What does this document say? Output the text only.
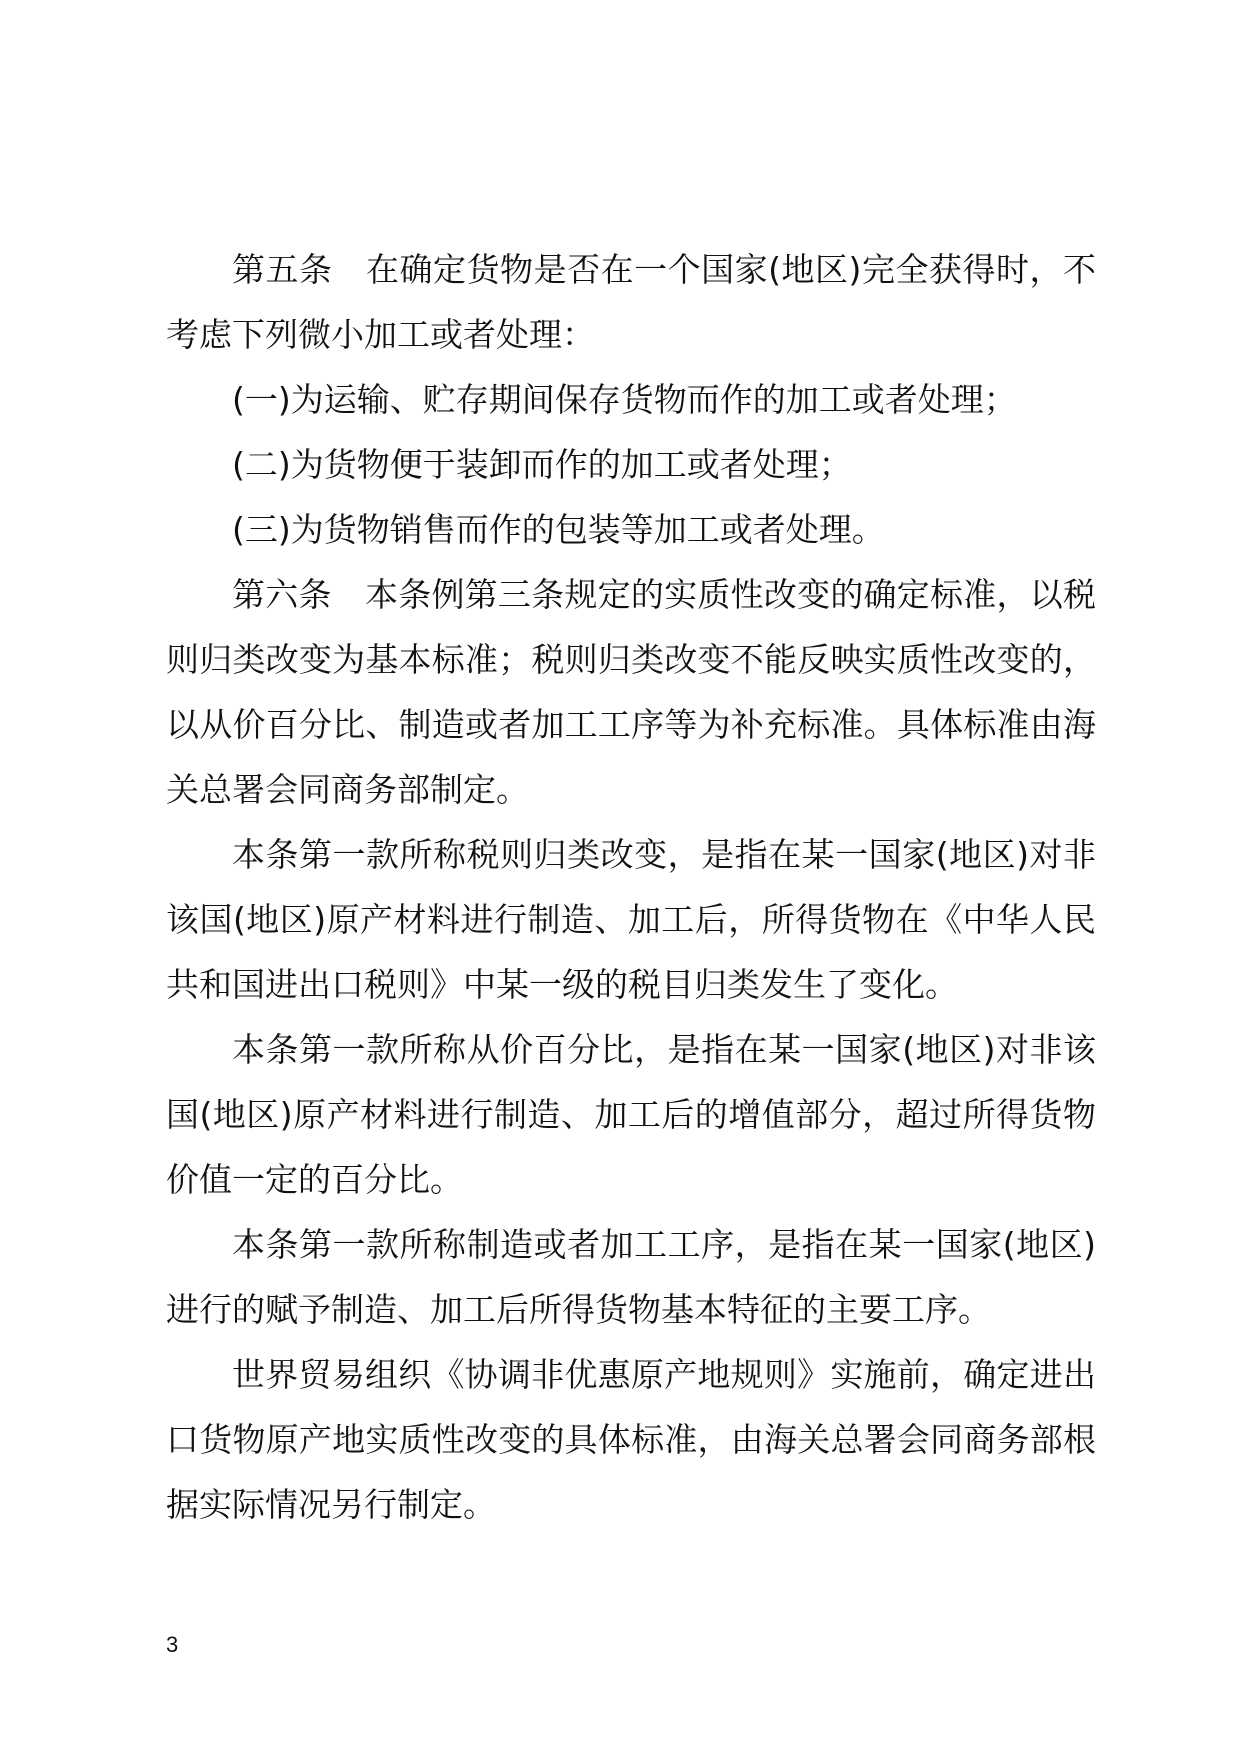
第五条　在确定货物是否在一个国家(地区)完全获得时，不考虑下列微小加工或者处理：

(一)为运输、贮存期间保存货物而作的加工或者处理；

(二)为货物便于装卸而作的加工或者处理；

(三)为货物销售而作的包装等加工或者处理。

第六条　本条例第三条规定的实质性改变的确定标准，以税则归类改变为基本标准；税则归类改变不能反映实质性改变的，以从价百分比、制造或者加工工序等为补充标准。具体标准由海关总署会同商务部制定。

本条第一款所称税则归类改变，是指在某一国家(地区)对非该国(地区)原产材料进行制造、加工后，所得货物在《中华人民共和国进出口税则》中某一级的税目归类发生了变化。

本条第一款所称从价百分比，是指在某一国家(地区)对非该国(地区)原产材料进行制造、加工后的增值部分，超过所得货物价值一定的百分比。

本条第一款所称制造或者加工工序，是指在某一国家(地区)进行的赋予制造、加工后所得货物基本特征的主要工序。

世界贸易组织《协调非优惠原产地规则》实施前，确定进出口货物原产地实质性改变的具体标准，由海关总署会同商务部根据实际情况另行制定。

3
